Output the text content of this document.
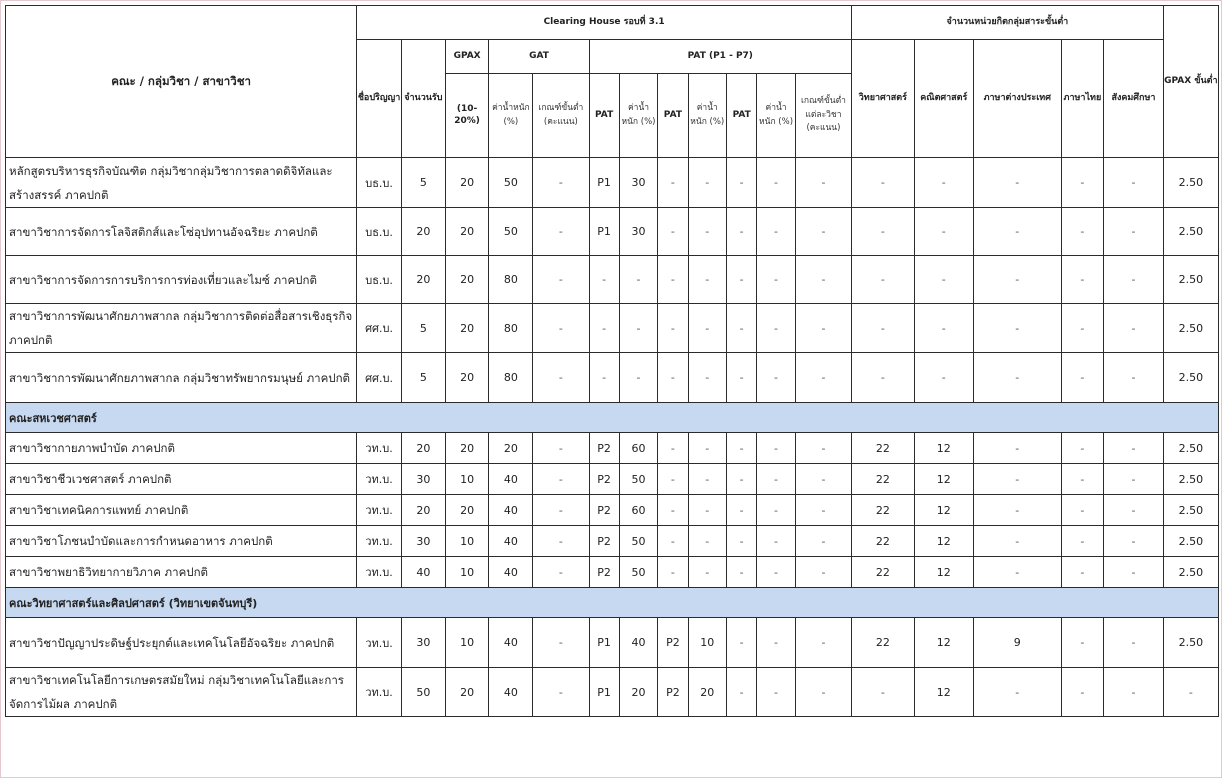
คณะ / กลุ่มวิชา / สาขาวิชา	Clearing House รอบที่ 3.1												จำนวนหน่วยกิตกลุ่มสาระขั้นต่ำ					GPAX ขั้นต่ำ
	ชื่อปริญญา	จำนวนรับ	GPAX	GAT		PAT (P1 - P7)							วิทยาศาสตร์	คณิตศาสตร์	ภาษาต่างประเทศ	ภาษาไทย	สังคมศึกษา	
			(10-20%)	ค่าน้ำหนัก (%)	เกณฑ์ขั้นต่ำ (คะแนน)	PAT	ค่าน้ำหนัก (%)	PAT	ค่าน้ำหนัก (%)	PAT	ค่าน้ำหนัก (%)	เกณฑ์ขั้นต่ำแต่ละวิชา (คะแนน)						
หลักสูตรบริหารธุรกิจบัณฑิต กลุ่มวิชากลุ่มวิชาการตลาดดิจิทัลและสร้างสรรค์ ภาคปกติ	บธ.บ.	5	20	50	-	P1	30	-	-	-	-	-	-	-	-	-	-	2.50
สาขาวิชาการจัดการโลจิสติกส์และโซ่อุปทานอัจฉริยะ ภาคปกติ	บธ.บ.	20	20	50	-	P1	30	-	-	-	-	-	-	-	-	-	-	2.50
สาขาวิชาการจัดการการบริการการท่องเที่ยวและไมซ์ ภาคปกติ	บธ.บ.	20	20	80	-	-	-	-	-	-	-	-	-	-	-	-	-	2.50
สาขาวิชาการพัฒนาศักยภาพสากล กลุ่มวิชาการติดต่อสื่อสารเชิงธุรกิจ ภาคปกติ	ศศ.บ.	5	20	80	-	-	-	-	-	-	-	-	-	-	-	-	-	2.50
สาขาวิชาการพัฒนาศักยภาพสากล กลุ่มวิชาทรัพยากรมนุษย์ ภาคปกติ	ศศ.บ.	5	20	80	-	-	-	-	-	-	-	-	-	-	-	-	-	2.50
คณะสหเวชศาสตร์																		
สาขาวิชากายภาพบำบัด ภาคปกติ	วท.บ.	20	20	20	-	P2	60	-	-	-	-	-	22	12	-	-	-	2.50
สาขาวิชาชีวเวชศาสตร์ ภาคปกติ	วท.บ.	30	10	40	-	P2	50	-	-	-	-	-	22	12	-	-	-	2.50
สาขาวิชาเทคนิคการแพทย์ ภาคปกติ	วท.บ.	20	20	40	-	P2	60	-	-	-	-	-	22	12	-	-	-	2.50
สาขาวิชาโภชนบำบัดและการกำหนดอาหาร ภาคปกติ	วท.บ.	30	10	40	-	P2	50	-	-	-	-	-	22	12	-	-	-	2.50
สาขาวิชาพยาธิวิทยากายวิภาค ภาคปกติ	วท.บ.	40	10	40	-	P2	50	-	-	-	-	-	22	12	-	-	-	2.50
คณะวิทยาศาสตร์และศิลปศาสตร์ (วิทยาเขตจันทบุรี)																		
สาขาวิชาปัญญาประดิษฐ์ประยุกต์และเทคโนโลยีอัจฉริยะ ภาคปกติ	วท.บ.	30	10	40	-	P1	40	P2	10	-	-	-	22	12	9	-	-	2.50
สาขาวิชาเทคโนโลยีการเกษตรสมัยใหม่ กลุ่มวิชาเทคโนโลยีและการจัดการไม้ผล ภาคปกติ	วท.บ.	50	20	40	-	P1	20	P2	20	-	-	-	-	12	-	-	-	-
